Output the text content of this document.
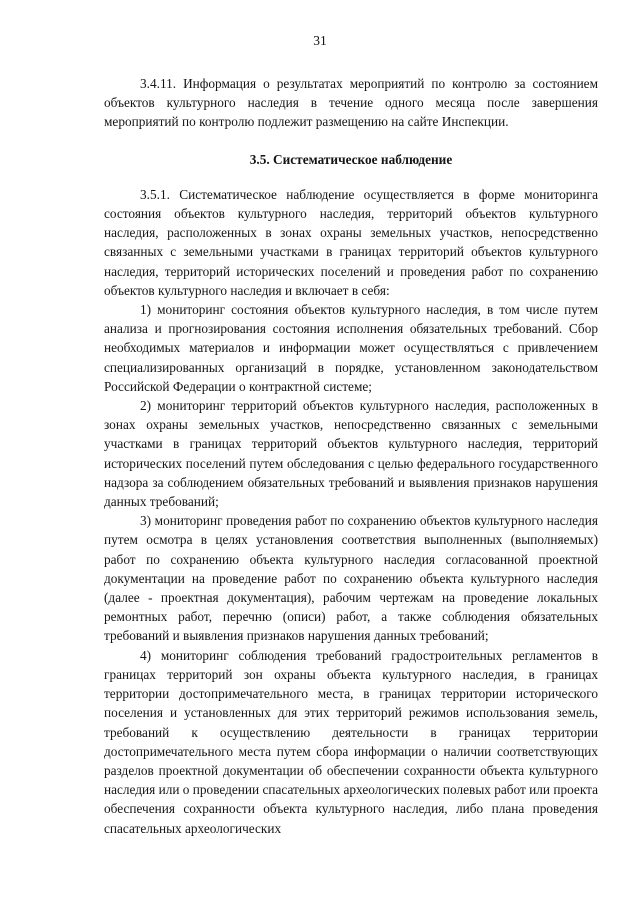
31

3.4.11. Информация о результатах мероприятий по контролю за состоянием объектов культурного наследия в течение одного месяца после завершения мероприятий по контролю подлежит размещению на сайте Инспекции.

3.5. Систематическое наблюдение

3.5.1. Систематическое наблюдение осуществляется в форме мониторинга состояния объектов культурного наследия, территорий объектов культурного наследия, расположенных в зонах охраны земельных участков, непосредственно связанных с земельными участками в границах территорий объектов культурного наследия, территорий исторических поселений и проведения работ по сохранению объектов культурного наследия и включает в себя:

1) мониторинг состояния объектов культурного наследия, в том числе путем анализа и прогнозирования состояния исполнения обязательных требований. Сбор необходимых материалов и информации может осуществляться с привлечением специализированных организаций в порядке, установленном законодательством Российской Федерации о контрактной системе;

2) мониторинг территорий объектов культурного наследия, расположенных в зонах охраны земельных участков, непосредственно связанных с земельными участками в границах территорий объектов культурного наследия, территорий исторических поселений путем обследования с целью федерального государственного надзора за соблюдением обязательных требований и выявления признаков нарушения данных требований;

3) мониторинг проведения работ по сохранению объектов культурного наследия путем осмотра в целях установления соответствия выполненных (выполняемых) работ по сохранению объекта культурного наследия согласованной проектной документации на проведение работ по сохранению объекта культурного наследия (далее - проектная документация), рабочим чертежам на проведение локальных ремонтных работ, перечню (описи) работ, а также соблюдения обязательных требований и выявления признаков нарушения данных требований;

4) мониторинг соблюдения требований градостроительных регламентов в границах территорий зон охраны объекта культурного наследия, в границах территории достопримечательного места, в границах территории исторического поселения и установленных для этих территорий режимов использования земель, требований к осуществлению деятельности в границах территории достопримечательного места путем сбора информации о наличии соответствующих разделов проектной документации об обеспечении сохранности объекта культурного наследия или о проведении спасательных археологических полевых работ или проекта обеспечения сохранности объекта культурного наследия, либо плана проведения спасательных археологических
